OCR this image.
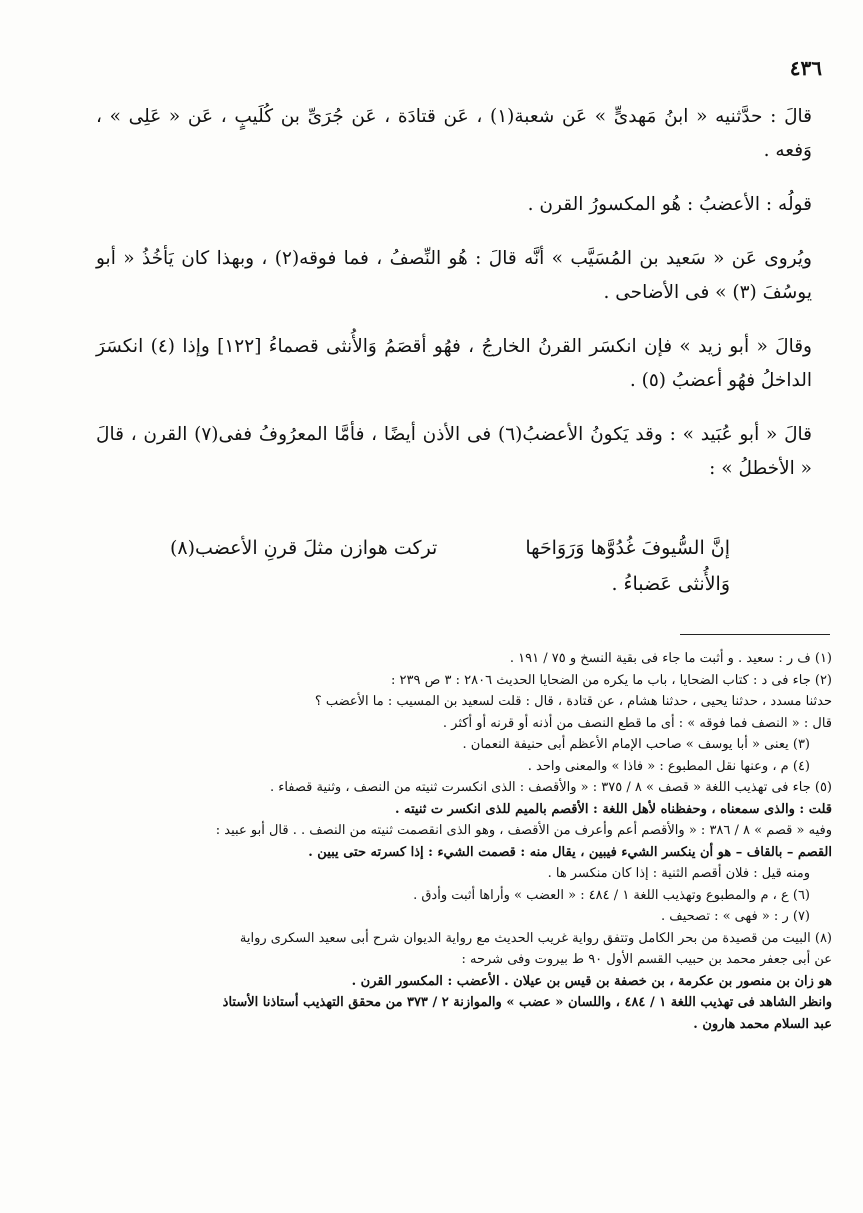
٤٣٦

قالَ : حدَّثنيه « ابنُ مَهدىٍّ » عَن شعبة(١) ، عَن قتادَة ، عَن جُرَىِّ بن كُلَيبٍ ، عَن « عَلِى » ، وَفعه .

قولُه : الأعضبُ : هُو المكسورُ القرن .

ويُروى عَن « سَعيد بن المُسَيَّب » أنَّه قالَ : هُو النِّصفُ ، فما فوقه(٢) ، وبهذا كان يَأخُذُ « أبو يوسُفَ (٣) » فى الأضاحى .

وقالَ « أبو زيد » فإن انكسَر القرنُ الخارجُ ، فهُو أقصَمُ وَالأُنثى قصماءُ [١٢٢] وإذا (٤) انكسَرَ الداخلُ فهُو أعضبُ (٥) .

قالَ « أبو عُبَيد » : وقد يَكونُ الأعضبُ(٦) فى الأذن أيضًا ، فأمَّا المعرُوفُ ففى(٧) القرن ، قالَ « الأخطلُ » :

إنَّ السُّيوفَ غُدُوَّها وَرَوَاحَها
تركت هوازن مثلَ قرنِ الأعضب(٨)
وَالأُنثى عَضباءُ .
(١) ف ر : سعيد . و أثبت ما جاء فى بقية النسخ و ٧٥ / ١٩١ .
(٢) جاء فى د : كتاب الضحايا ، باب ما يكره من الضحايا الحديث ٢٨٠٦ : ٣ ص ٢٣٩ :
حدثنا مسدد ، حدثنا يحيى ، حدثنا هشام ، عن قتادة ، قال : قلت لسعيد بن المسيب : ما الأعضب ؟
قال : « النصف فما فوقه » : أى ما قطع النصف من أذنه أو قرنه أو أكثر .
(٣) يعنى « أبا يوسف » صاحب الإمام الأعظم أبى حنيفة النعمان .
(٤) م ، وعنها نقل المطبوع : « فاذا » والمعنى واحد .
(٥) جاء فى تهذيب اللغة « قصف » ٨ / ٣٧٥ : « والأقصف : الذى انكسرت ثنيته من النصف ، وثنية قصفاء .
قلت : والذى سمعناه ، وحفظناه لأهل اللغة : الأقصم بالميم للذى انكسر ت ثنيته .
وفيه « قصم » ٨ / ٣٨٦ : « والأقصم أعم وأعرف من الأقصف ، وهو الذى انقصمت ثنيته من النصف . . قال أبو عبيد :
القصم – بالقاف – هو أن ينكسر الشيء فيبين ، يقال منه : قصمت الشيء : إذا كسرته حتى يبين .
ومنه قيل : فلان أقصم الثنية : إذا كان منكسر ها .
(٦) ع ، م والمطبوع وتهذيب اللغة ١ / ٤٨٤ : « العضب » وأراها أثبت وأدق .
(٧) ر : « فهى » : تصحيف .
(٨) البيت من قصيدة من بحر الكامل وتتفق رواية غريب الحديث مع رواية الديوان شرح أبى سعيد السكرى رواية
عن أبى جعفر محمد بن حبيب القسم الأول ٩٠ ط بيروت وفى شرحه :
هو زان بن منصور بن عكرمة ، بن خصفة بن قيس بن عيلان . الأعضب : المكسور القرن .
وانظر الشاهد فى تهذيب اللغة ١ / ٤٨٤ ، واللسان « عضب » والموازنة ٢ / ٣٧٣ من محقق التهذيب أستاذنا الأستاذ
عبد السلام محمد هارون .
